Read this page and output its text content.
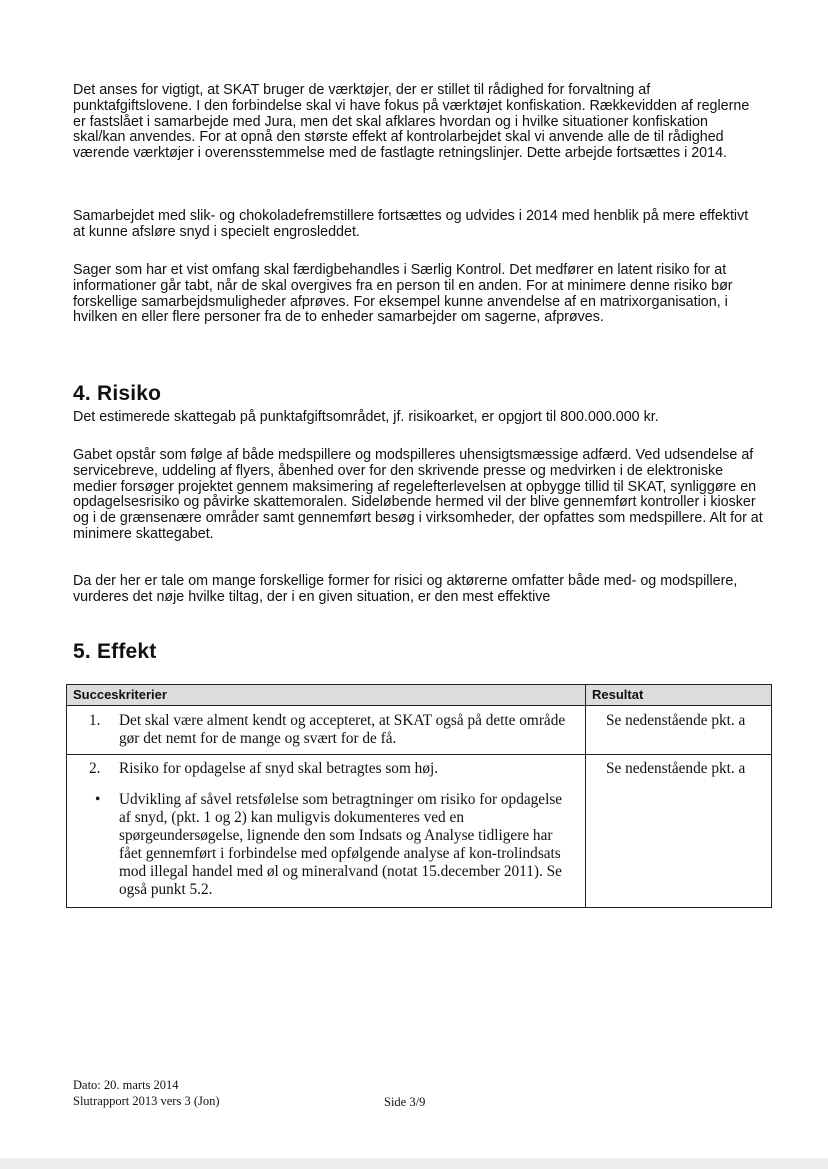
Det anses for vigtigt, at SKAT bruger de værktøjer, der er stillet til rådighed for forvaltning af punktafgiftslovene. I den forbindelse skal vi have fokus på værktøjet konfiskation. Rækkevidden af reglerne er fastslået i samarbejde med Jura, men det skal afklares hvordan og i hvilke situationer konfiskation skal/kan anvendes. For at opnå den største effekt af kontrolarbejdet skal vi anvende alle de til rådighed værende værktøjer i overensstemmelse med de fastlagte retningslinjer. Dette arbejde fortsættes i 2014.

Samarbejdet med slik- og chokoladefremstillere fortsættes og udvides i 2014 med henblik på mere effektivt at kunne afsløre snyd i specielt engrosleddet.

Sager som har et vist omfang skal færdigbehandles i Særlig Kontrol. Det medfører en latent risiko for at informationer går tabt, når de skal overgives fra en person til en anden. For at minimere denne risiko bør forskellige samarbejdsmuligheder afprøves. For eksempel kunne anvendelse af en matrixorganisation, i hvilken en eller flere personer fra de to enheder samarbejder om sagerne, afprøves.

4. Risiko

Det estimerede skattegab på punktafgiftsområdet, jf. risikoarket, er opgjort til 800.000.000 kr.

Gabet opstår som følge af både medspillere og modspilleres uhensigtsmæssige adfærd. Ved udsendelse af servicebreve, uddeling af flyers, åbenhed over for den skrivende presse og medvirken i de elektroniske medier forsøger projektet gennem maksimering af regelefterlevelsen at opbygge tillid til SKAT, synliggøre en opdagelsesrisiko og påvirke skattemoralen. Sideløbende hermed vil der blive gennemført kontroller i kiosker og i de grænsenære områder samt gennemført besøg i virksomheder, der opfattes som medspillere. Alt for at minimere skattegabet.

Da der her er tale om mange forskellige former for risici og aktørerne omfatter både med- og modspillere, vurderes det nøje hvilke tiltag, der i en given situation, er den mest effektive

5. Effekt
Succeskriterier	Resultat

1. Det skal være alment kendt og accepteret, at SKAT også på dette område gør det nemt for de mange og svært for de få.	Se nedenstående pkt. a

2. Risiko for opdagelse af snyd skal betragtes som høj.
• Udvikling af såvel retsfølelse som betragtninger om risiko for opdagelse af snyd, (pkt. 1 og 2) kan muligvis dokumenteres ved en spørgeundersøgelse, lignende den som Indsats og Analyse tidligere har fået gennemført i forbindelse med opfølgende analyse af kon-trolindsats mod illegal handel med øl og mineralvand (notat 15.december 2011). Se også punkt 5.2.	Se nedenstående pkt. a
Dato: 20. marts 2014
Slutrapport 2013 vers 3 (Jon)	Side 3/9
